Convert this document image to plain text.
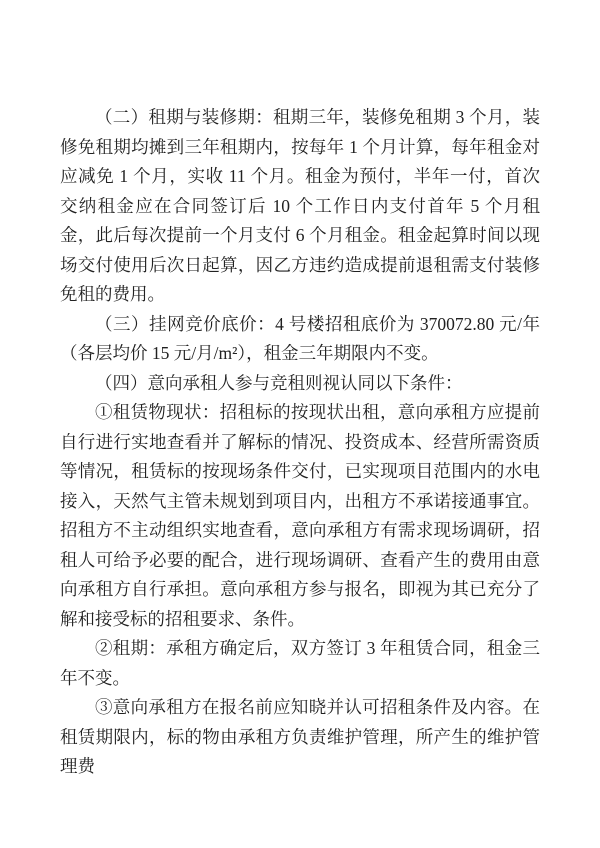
（二）租期与装修期：租期三年，装修免租期 3 个月，装修免租期均摊到三年租期内，按每年 1 个月计算，每年租金对应减免 1 个月，实收 11 个月。租金为预付，半年一付，首次交纳租金应在合同签订后 10 个工作日内支付首年 5 个月租金，此后每次提前一个月支付 6 个月租金。租金起算时间以现场交付使用后次日起算，因乙方违约造成提前退租需支付装修免租的费用。

（三）挂网竞价底价：4 号楼招租底价为 370072.80 元/年（各层均价 15 元/月/m²），租金三年期限内不变。

（四）意向承租人参与竞租则视认同以下条件：

①租赁物现状：招租标的按现状出租，意向承租方应提前自行进行实地查看并了解标的情况、投资成本、经营所需资质等情况，租赁标的按现场条件交付，已实现项目范围内的水电接入，天然气主管未规划到项目内，出租方不承诺接通事宜。招租方不主动组织实地查看，意向承租方有需求现场调研，招租人可给予必要的配合，进行现场调研、查看产生的费用由意向承租方自行承担。意向承租方参与报名，即视为其已充分了解和接受标的招租要求、条件。

②租期：承租方确定后，双方签订 3 年租赁合同，租金三年不变。

③意向承租方在报名前应知晓并认可招租条件及内容。在租赁期限内，标的物由承租方负责维护管理，所产生的维护管理费
